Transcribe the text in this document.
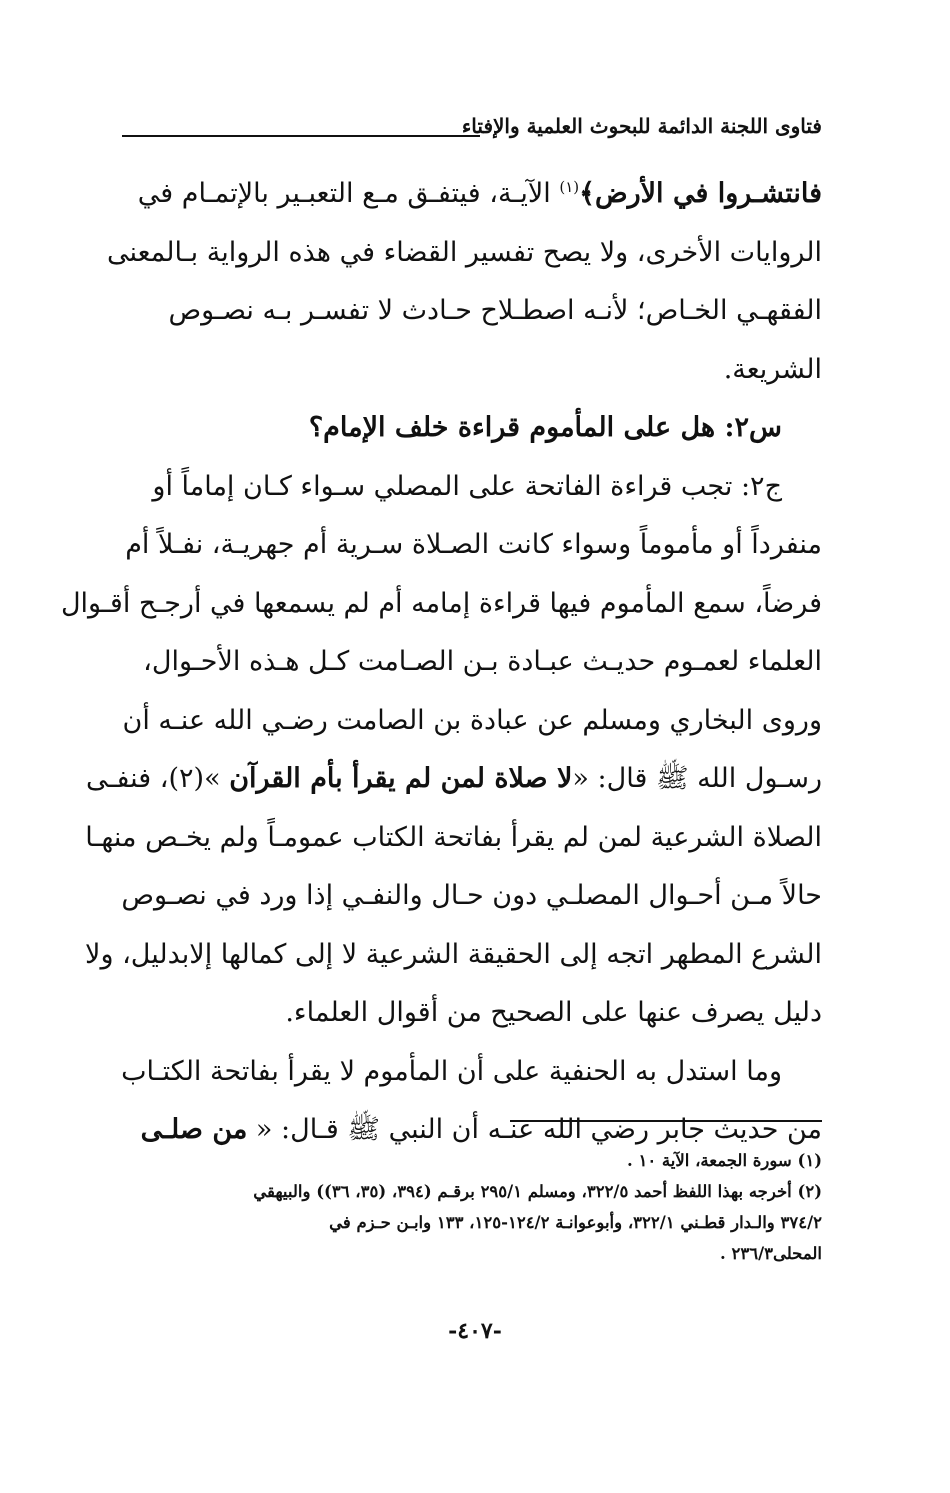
فتاوى اللجنة الدائمة للبحوث العلمية والإفتاء
فانتشـروا في الأرض﴾$^{(١)}$ الآيـة، فيتفـق مـع التعبـير بالإتمـام في
الروايات الأخرى، ولا يصح تفسير القضاء في هذه الرواية بـالمعنى
الفقهـي الخـاص؛ لأنـه اصطـلاح حـادث لا تفسـر بـه نصـوص
الشريعة.
س٢: هل على المأموم قراءة خلف الإمام؟
ج٢: تجب قراءة الفاتحة على المصلي سـواء كـان إماماً أو
منفرداً أو مأموماً وسواء كانت الصـلاة سـرية أم جهريـة، نفـلاً أم
فرضاً، سمع المأموم فيها قراءة إمامه أم لم يسمعها في أرجـح أقـوال
العلماء لعمـوم حديـث عبـادة بـن الصـامت كـل هـذه الأحـوال،
وروى البخاري ومسلم عن عبادة بن الصامت رضـي الله عنـه أن
رسـول الله ﷺ قال: «لا صلاة لمن لم يقرأ بأم القرآن »(٢)، فنفـى
الصلاة الشرعية لمن لم يقرأ بفاتحة الكتاب عمومـاً ولم يخـص منهـا
حالاً مـن أحـوال المصلـي دون حـال والنفـي إذا ورد في نصـوص
الشرع المطهر اتجه إلى الحقيقة الشرعية لا إلى كمالها إلابدليل، ولا
دليل يصرف عنها على الصحيح من أقوال العلماء.
وما استدل به الحنفية على أن المأموم لا يقرأ بفاتحة الكتـاب
من حديث جابر رضي الله عنـه أن النبي ﷺ قـال: « من صلـى
(١) سورة الجمعة، الآية ١٠ .
(٢) أخرجه بهذا اللفظ أحمد ٣٢٢/٥، ومسلم ٢٩٥/١ برقـم (٣٩٤، (٣٥، ٣٦)) والبيهقي
٣٧٤/٢ والـدار قطـني ٣٢٢/١، وأبوعوانـة ١٢٤/٢-١٢٥، ١٣٣ وابـن حـزم في
المحلى٢٣٦/٣ .
-٤٠٧-
